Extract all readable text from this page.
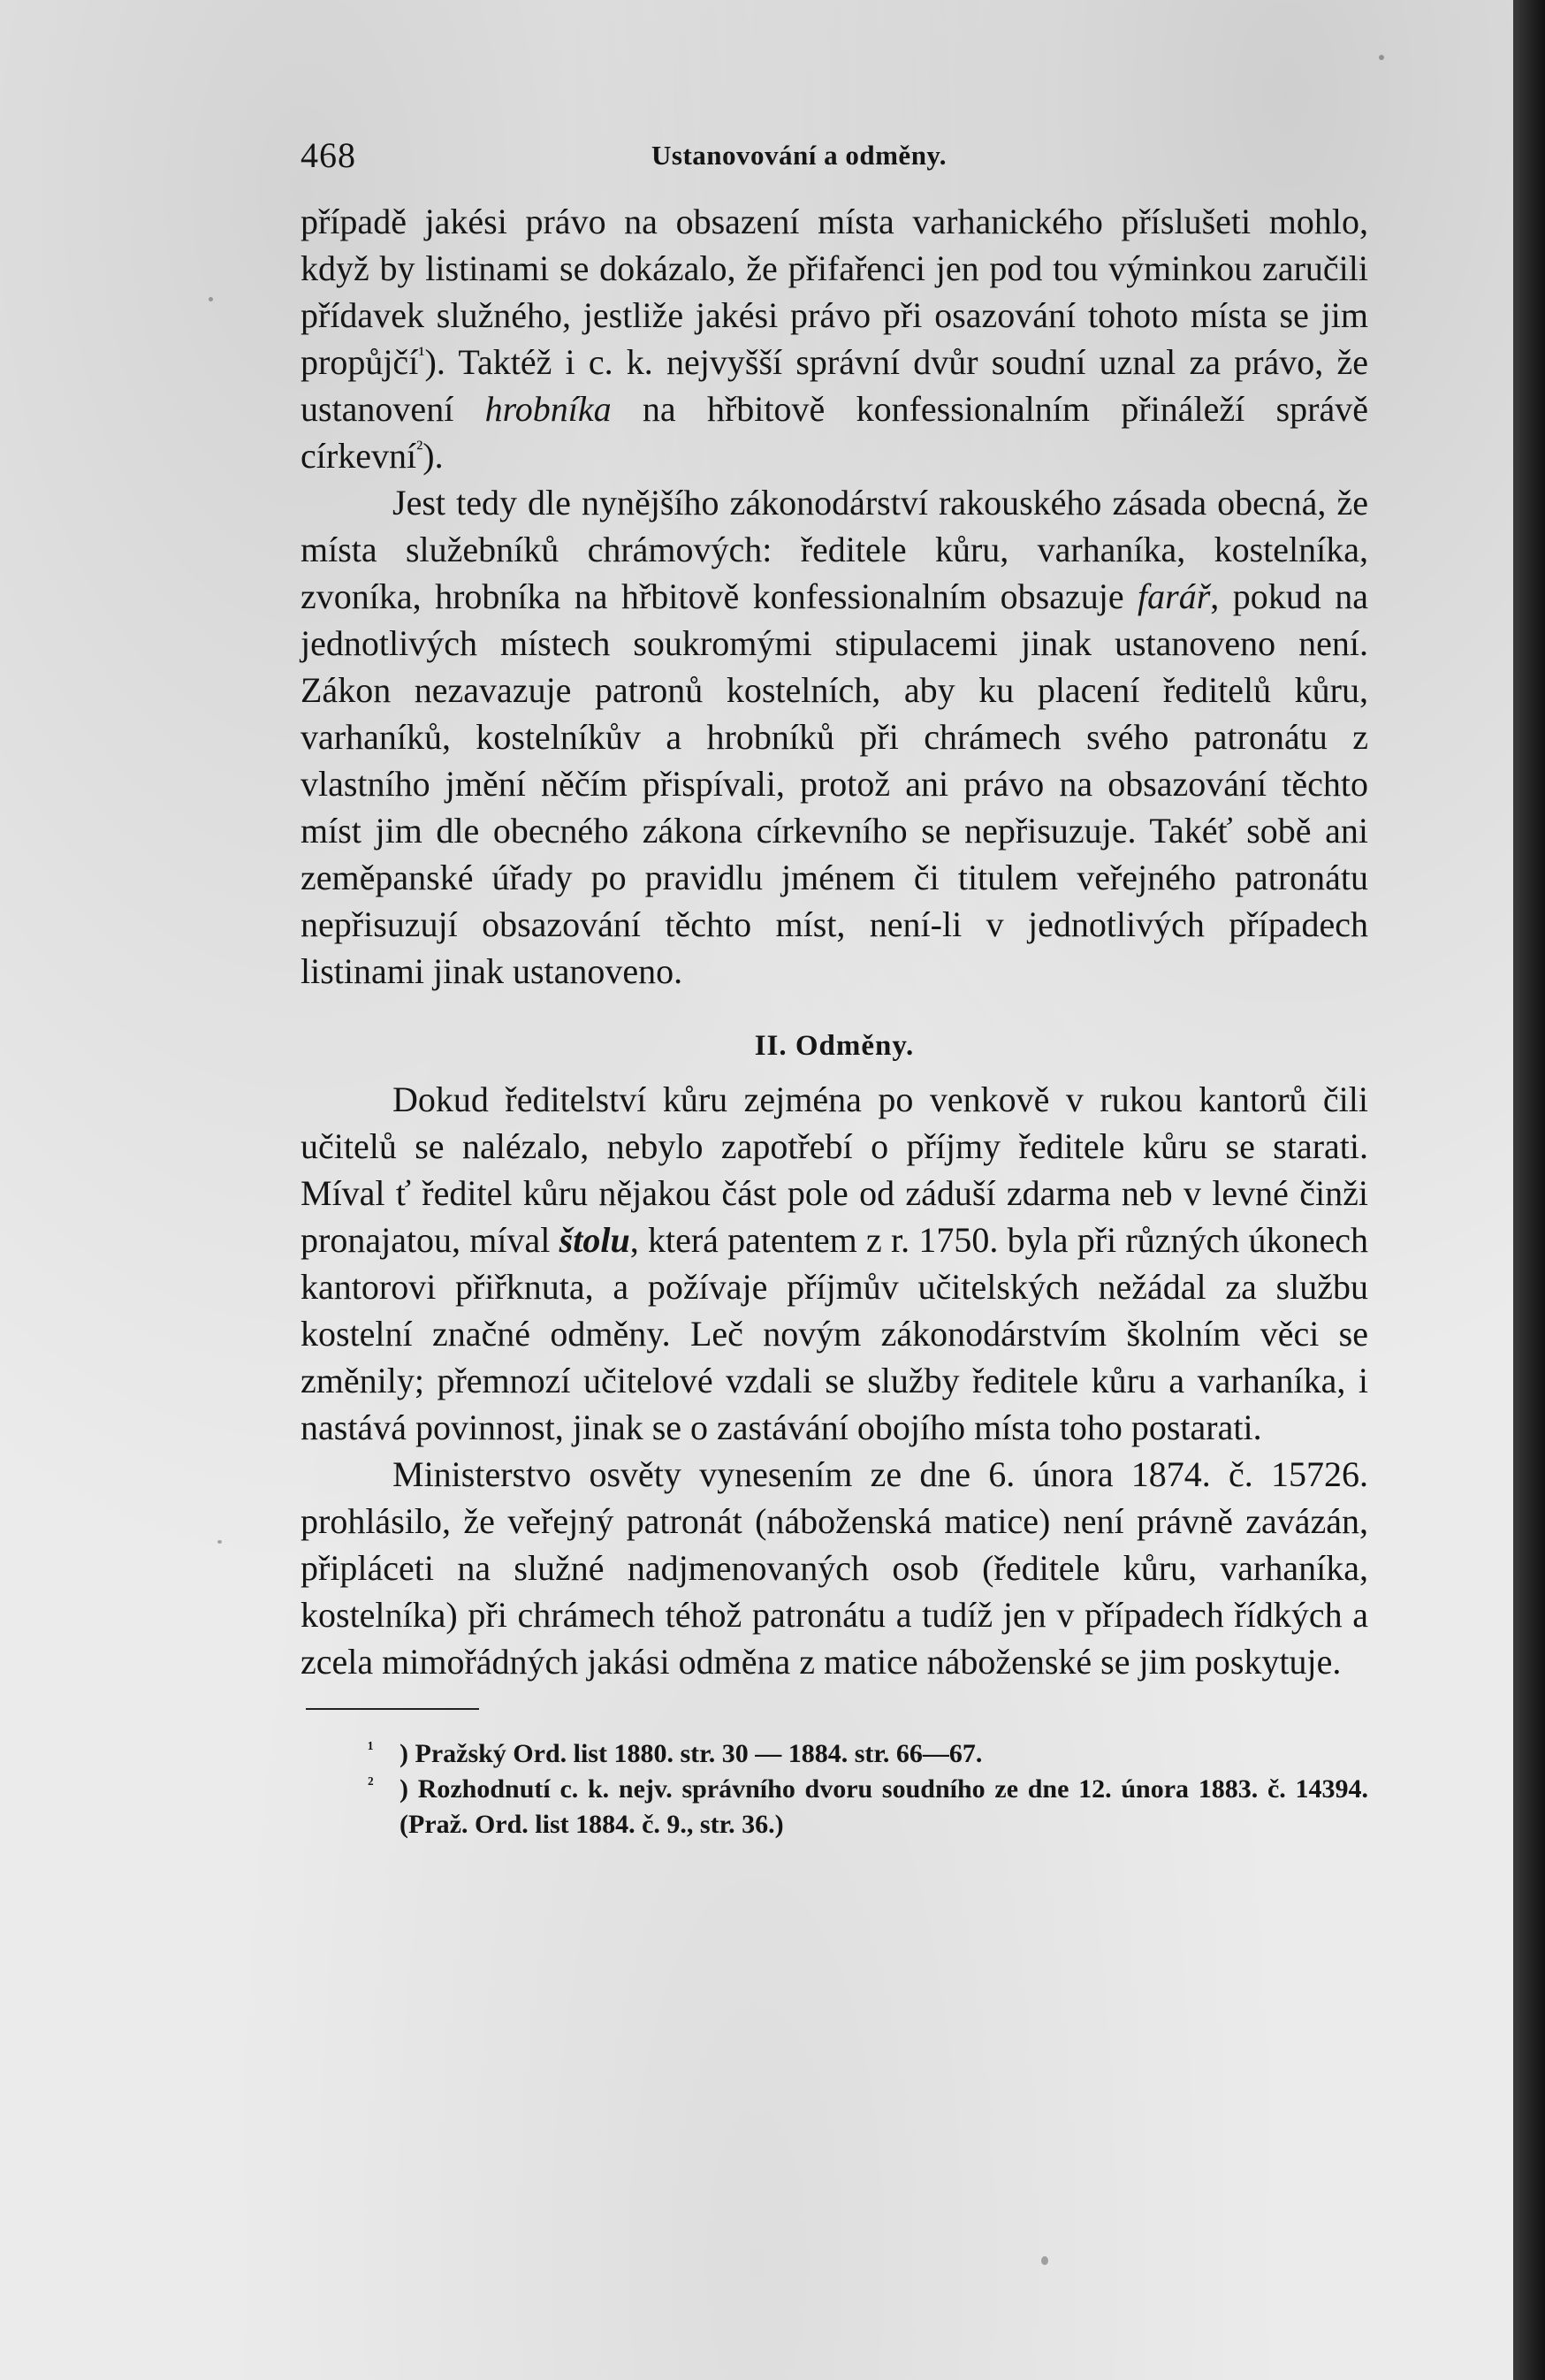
468	Ustanovování a odměny.

případě jakési právo na obsazení místa varhanického příslušeti mohlo, když by listinami se dokázalo, že přifařenci jen pod tou výminkou zaručili přídavek služného, jestliže jakési právo při osazování tohoto místa se jim propůjčí$^{^1}$). Taktéž i c. k. nejvyšší správní dvůr soudní uznal za právo, že ustanovení hrobníka na hřbitově konfessionalním přináleží správě církevní$^{^2}$).

Jest tedy dle nynějšího zákonodárství rakouského zásada obecná, že místa služebníků chrámových: ředitele kůru, varhaníka, kostelníka, zvoníka, hrobníka na hřbitově konfessionalním obsazuje farář, pokud na jednotlivých místech soukromými stipulacemi jinak ustanoveno není. Zákon nezavazuje patronů kostelních, aby ku placení ředitelů kůru, varhaníků, kostelníkův a hrobníků při chrámech svého patronátu z vlastního jmění něčím přispívali, protož ani právo na obsazování těchto míst jim dle obecného zákona církevního se nepřisuzuje. Takéť sobě ani zeměpanské úřady po pravidlu jménem či titulem veřejného patronátu nepřisuzují obsazování těchto míst, není-li v jednotlivých případech listinami jinak ustanoveno.

II. Odměny.

Dokud ředitelství kůru zejména po venkově v rukou kantorů čili učitelů se nalézalo, nebylo zapotřebí o příjmy ředitele kůru se starati. Míval ť ředitel kůru nějakou část pole od záduší zdarma neb v levné činži pronajatou, míval štolu, která patentem z r. 1750. byla při různých úkonech kantorovi přiřknuta, a požívaje příjmův učitelských nežádal za službu kostelní značné odměny. Leč novým zákonodárstvím školním věci se změnily; přemnozí učitelové vzdali se služby ředitele kůru a varhaníka, i nastává povinnost, jinak se o zastávání obojího místa toho postarati.

Ministerstvo osvěty vynesením ze dne 6. února 1874. č. 15726. prohlásilo, že veřejný patronát (náboženská matice) není právně zavázán, připláceti na služné nadjmenovaných osob (ředitele kůru, varhaníka, kostelníka) při chrámech téhož patronátu a tudíž jen v případech řídkých a zcela mimořádných jakási odměna z matice náboženské se jim poskytuje.

¹ ) Pražský Ord. list 1880. str. 30 — 1884. str. 66—67.

² ) Rozhodnutí c. k. nejv. správního dvoru soudního ze dne 12. února 1883. č. 14394. (Praž. Ord. list 1884. č. 9., str. 36.)
